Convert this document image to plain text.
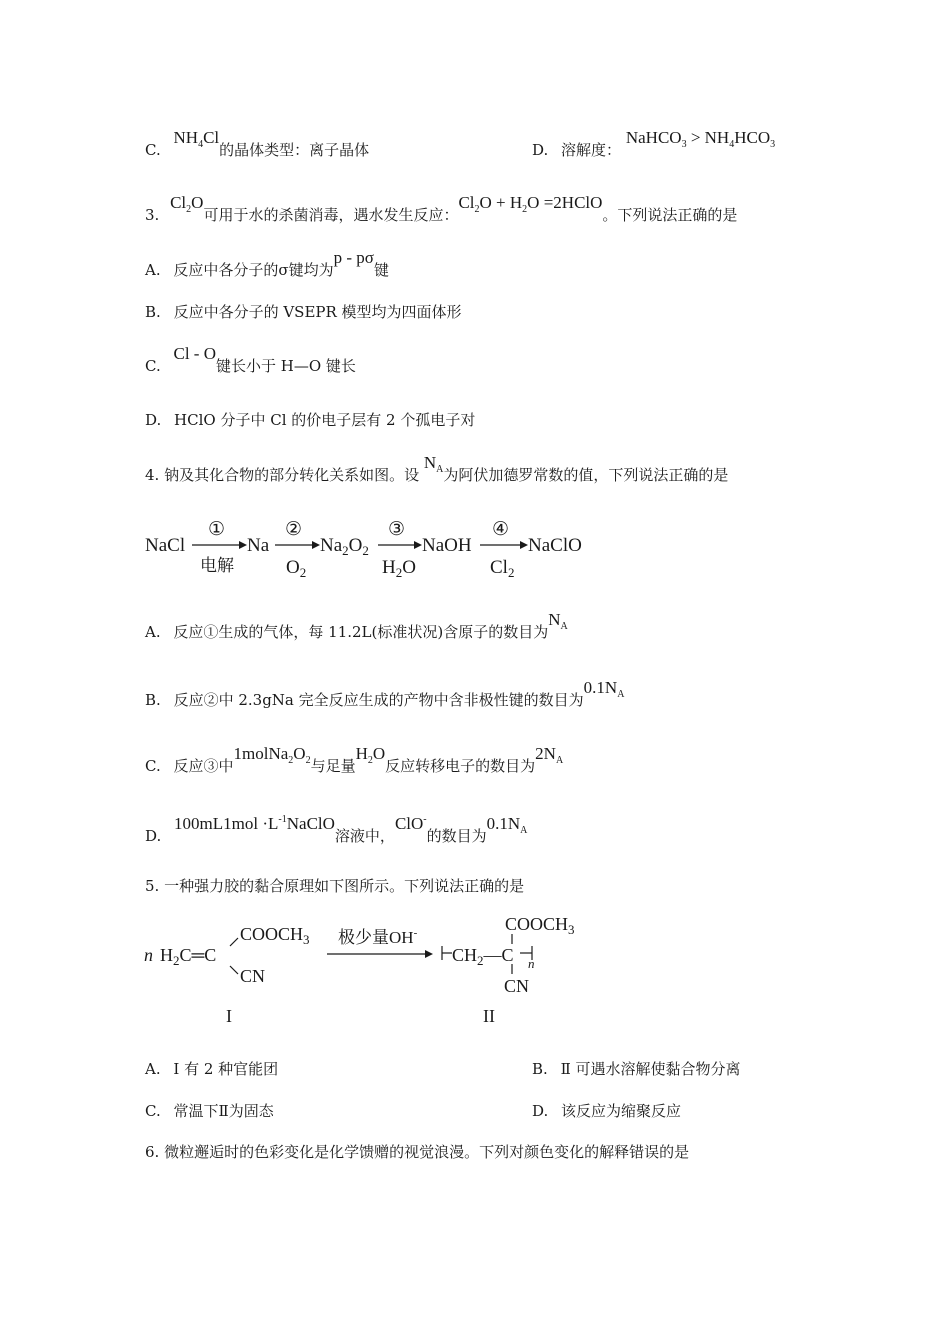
C. $NH_4Cl$的晶体类型：离子晶体	D. 溶解度： NaHCO$_3$ > $NH_4HCO_3$
3. $Cl_2O$可用于水的杀菌消毒，遇水发生反应：$Cl_2O + H_2O$ =2HClO。下列说法正确的是
A. 反应中各分子的σ键均为p - pσ键
B. 反应中各分子的 VSEPR 模型均为四面体形
C. Cl - O键长小于 H—O 键长
D. HClO 分子中 Cl 的价电子层有 2 个孤电子对
4. 钠及其化合物的部分转化关系如图。设 $N_A$为阿伏加德罗常数的值，下列说法正确的是
NaCl	Na	$Na_2O_2$	NaOH	NaClO
①	②	③	④
电解	$O_2$	$H_2O$	$Cl_2$
A. 反应①生成的气体，每 11.2L(标准状况)含原子的数目为$N_A$
B. 反应②中 2.3gNa 完全反应生成的产物中含非极性键的数目为$0.1N_A$
C. 反应③中$1molNa_2O_2$与足量$H_2O$反应转移电子的数目为$2N_A$
D. $100mL1mol \cdot L^{-1}NaClO$溶液中，ClO-的数目为$0.1N_A$
5. 一种强力胶的黏合原理如下图所示。下列说法正确的是
n $H_2C═C$
$COOCH_3$
CN
极少量OH-	$COOCH_3$
$CH_2—C$ n
CN
I	II
A. Ⅰ 有 2 种官能团	B. Ⅱ 可遇水溶解使黏合物分离
C. 常温下Ⅱ为固态	D. 该反应为缩聚反应
6. 微粒邂逅时的色彩变化是化学馈赠的视觉浪漫。下列对颜色变化的解释错误的是
